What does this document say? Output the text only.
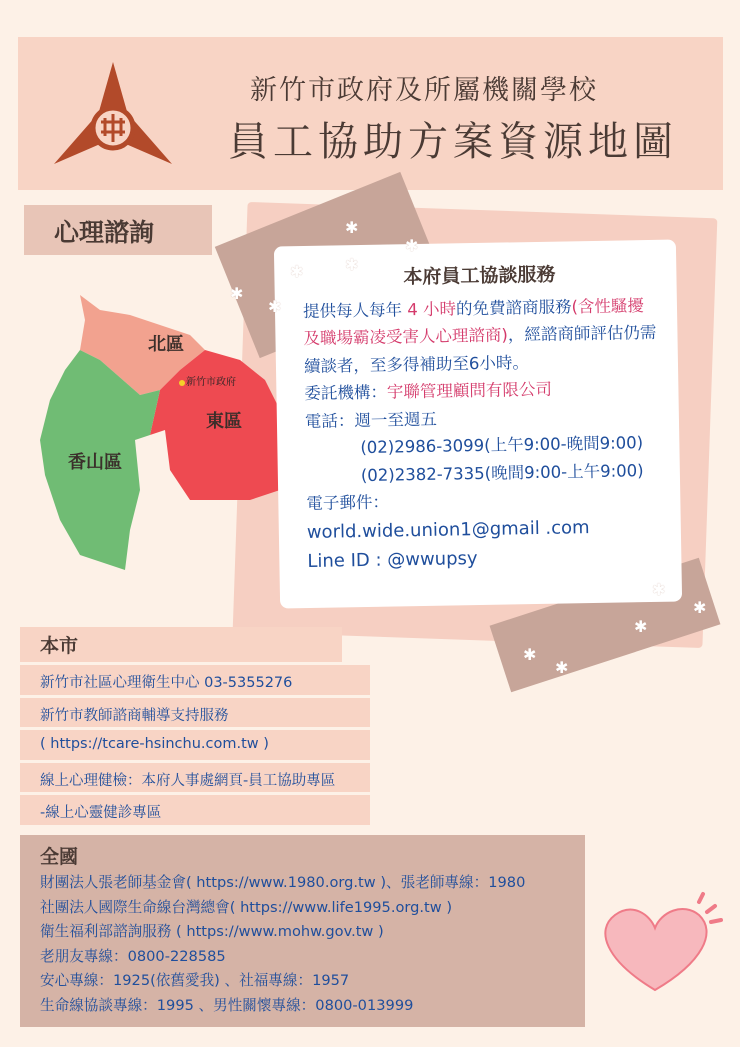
新竹市政府及所屬機關學校
員工協助方案資源地圖
心理諮詢
北區
東區
香山區
新竹市政府
本府員工協談服務
提供每人每年 4 小時的免費諮商服務(含性騷擾及職場霸凌受害人心理諮商)，經諮商師評估仍需續談者，至多得補助至6小時。
委託機構：宇聯管理顧問有限公司
電話：週一至週五
(02)2986-3099(上午9:00-晚間9:00)
(02)2382-7335(晚間9:00-上午9:00)
電子郵件：
world.wide.union1@gmail .com
Line ID : @wwupsy
✱
✱
✱	✱
✱
✱
✱
✱
✱
✱
✱
本市
新竹市社區心理衛生中心 03-5355276
新竹市教師諮商輔導支持服務
( https://tcare-hsinchu.com.tw )
線上心理健檢：本府人事處網頁-員工協助專區
-線上心靈健診專區
全國
財團法人張老師基金會( https://www.1980.org.tw )、張老師專線：1980
社團法人國際生命線台灣總會( https://www.life1995.org.tw )
衛生福利部諮詢服務 ( https://www.mohw.gov.tw )
老朋友專線：0800-228585
安心專線：1925(依舊愛我) 、社福專線：1957
生命線協談專線：1995 、男性關懷專線：0800-013999
